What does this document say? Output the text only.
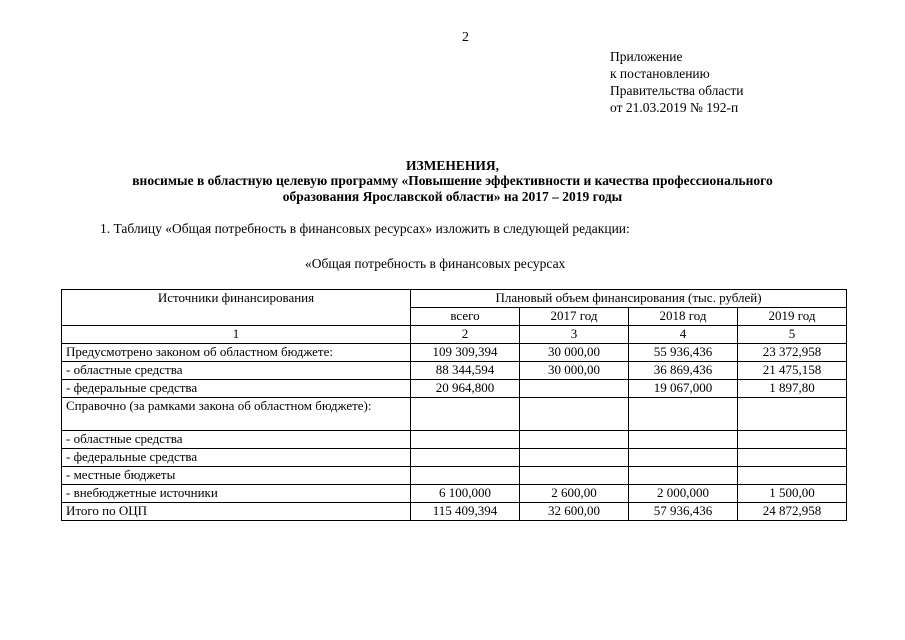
2
Приложение
к постановлению
Правительства области
от 21.03.2019 № 192-п
ИЗМЕНЕНИЯ,
вносимые в областную целевую программу «Повышение эффективности и качества профессионального
образования Ярославской области» на 2017 – 2019 годы
1. Таблицу «Общая потребность в финансовых ресурсах» изложить в следующей редакции:
«Общая потребность в финансовых ресурсах
Источники финансирования	Плановый объем финансирования (тыс. рублей)			
	всего	2017 год	2018 год	2019 год
1	2	3	4	5
Предусмотрено законом об областном бюджете:	109 309,394	30 000,00	55 936,436	23 372,958
- областные средства	88 344,594	30 000,00	36 869,436	21 475,158
- федеральные средства	20 964,800		19 067,000	1 897,80
Справочно (за рамками закона об областном бюджете):				
- областные средства				
- федеральные средства				
- местные бюджеты				
- внебюджетные источники	6 100,000	2 600,00	2 000,000	1 500,00
Итого по ОЦП	115 409,394	32 600,00	57 936,436	24 872,958
